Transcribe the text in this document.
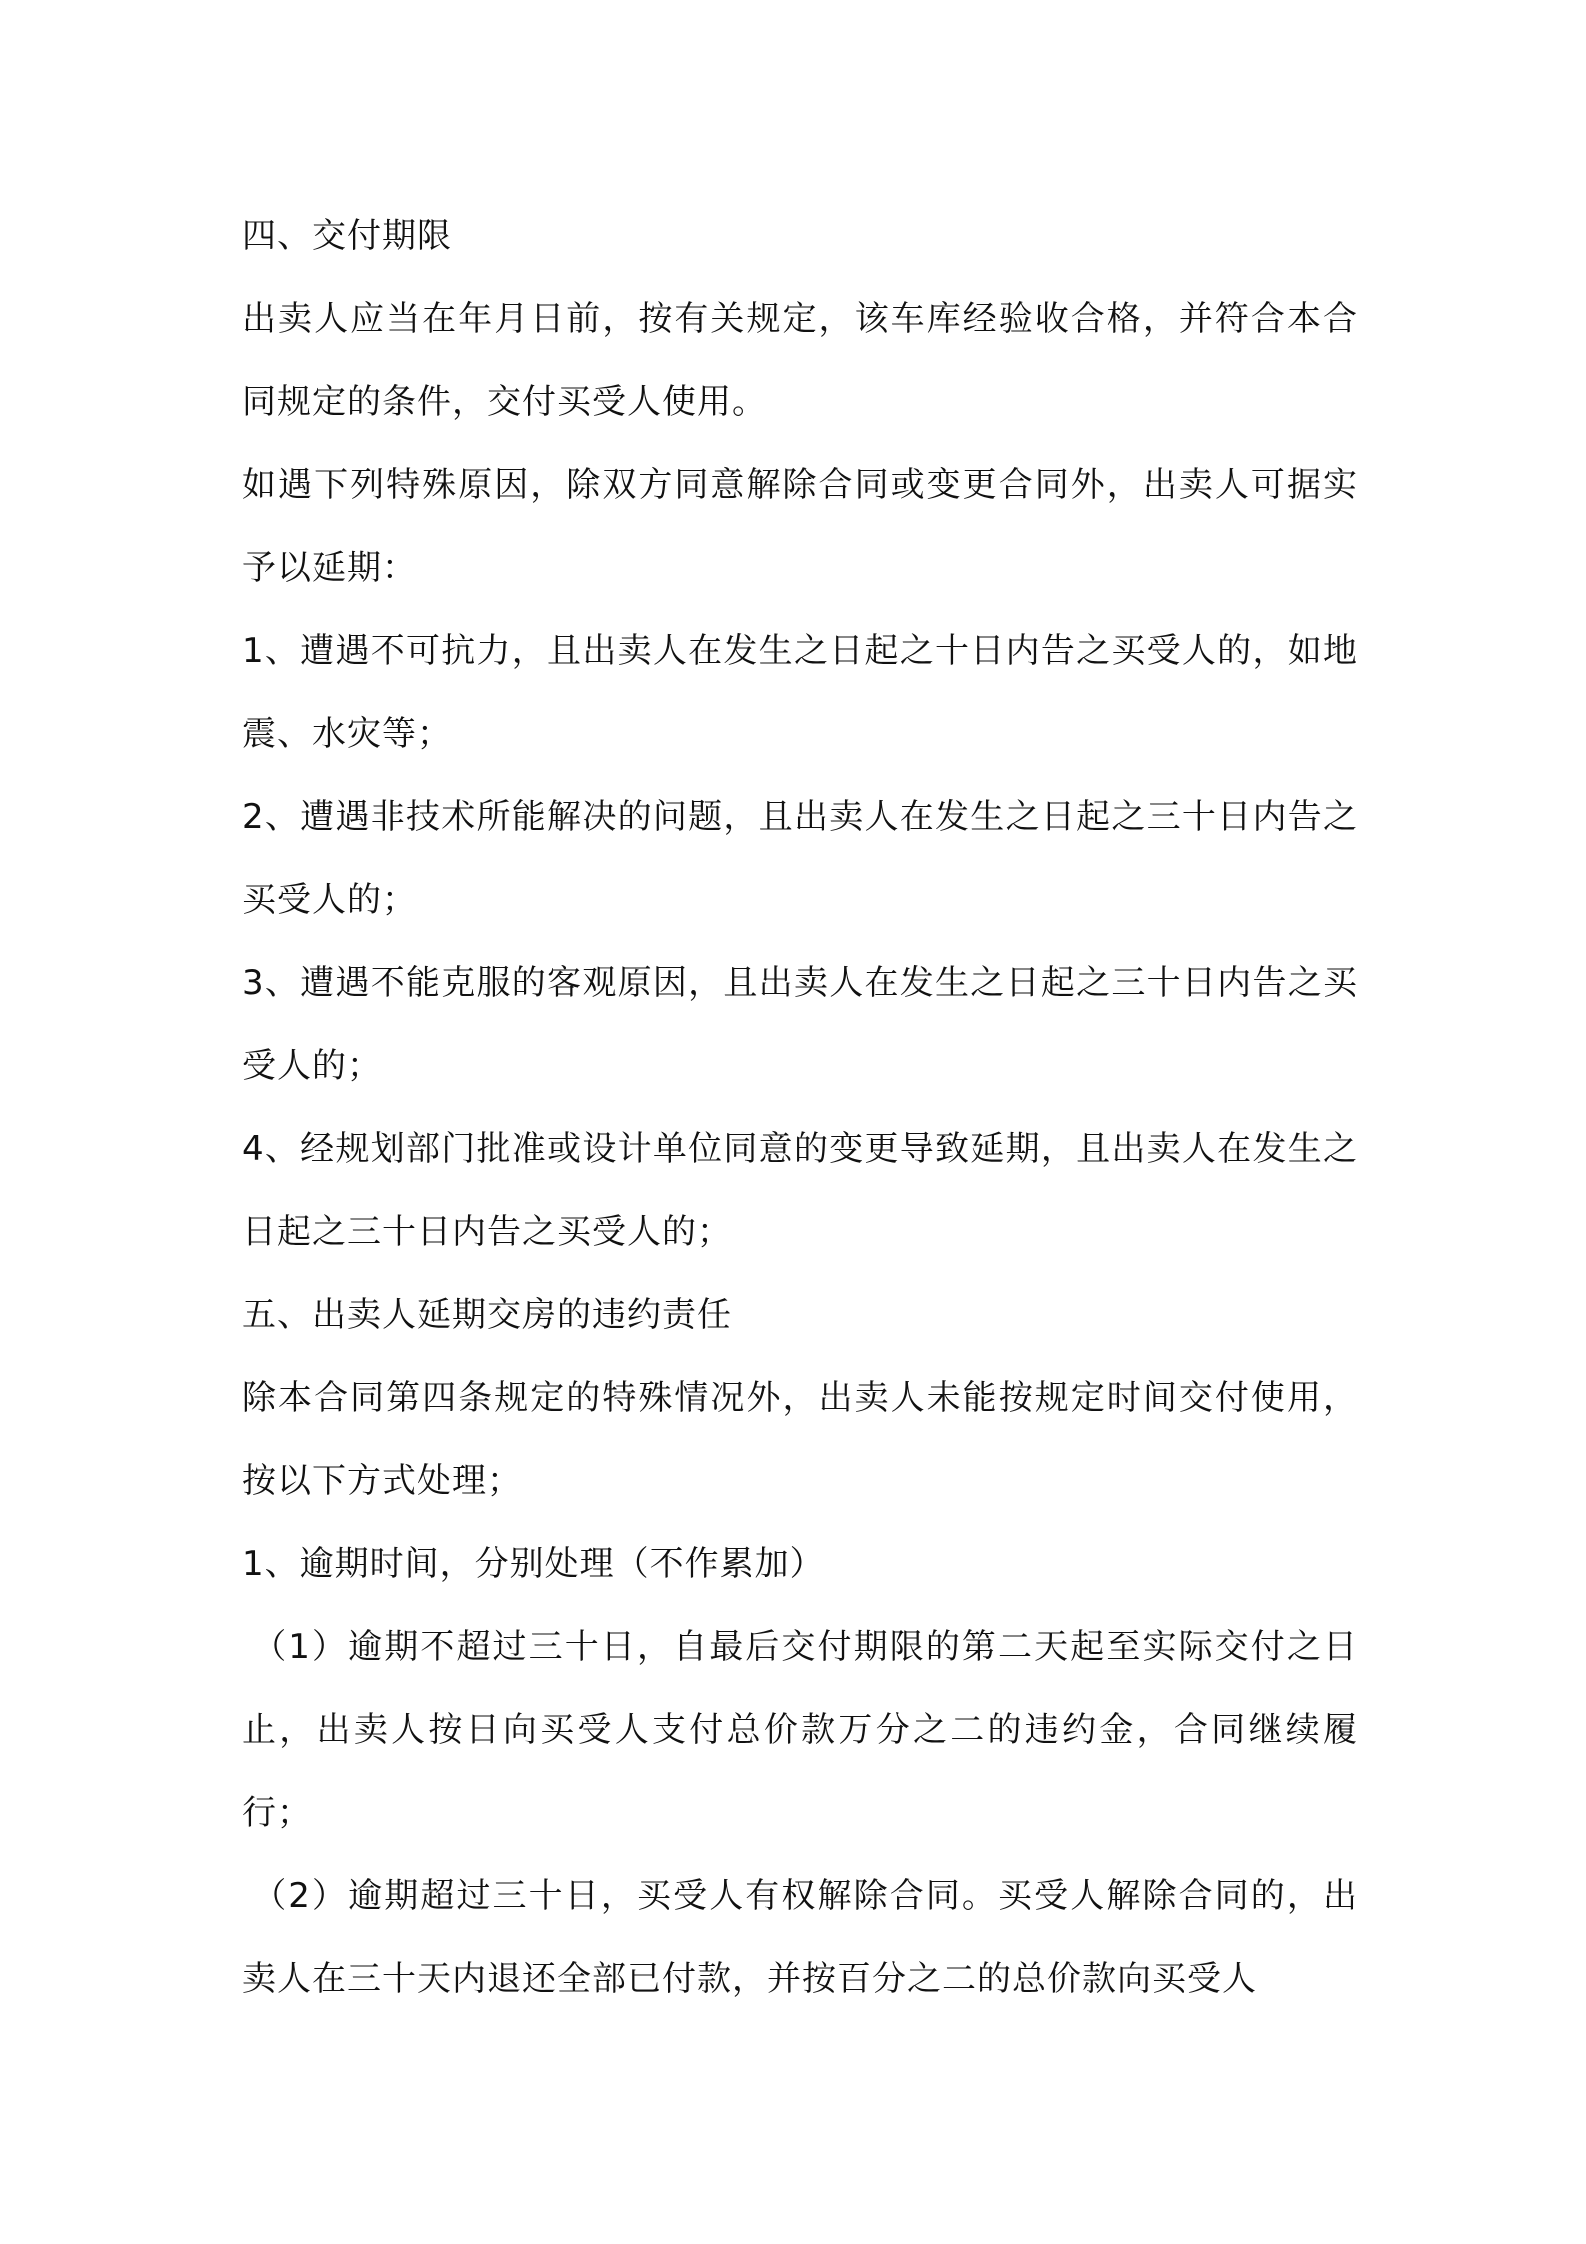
四、交付期限

出卖人应当在年月日前，按有关规定，该车库经验收合格，并符合本合同规定的条件，交付买受人使用。

如遇下列特殊原因，除双方同意解除合同或变更合同外，出卖人可据实予以延期：

1、遭遇不可抗力，且出卖人在发生之日起之十日内告之买受人的，如地震、水灾等；

2、遭遇非技术所能解决的问题，且出卖人在发生之日起之三十日内告之买受人的；

3、遭遇不能克服的客观原因，且出卖人在发生之日起之三十日内告之买受人的；

4、经规划部门批准或设计单位同意的变更导致延期，且出卖人在发生之日起之三十日内告之买受人的；

五、出卖人延期交房的违约责任

除本合同第四条规定的特殊情况外，出卖人未能按规定时间交付使用，按以下方式处理；

1、逾期时间，分别处理（不作累加）

（1）逾期不超过三十日，自最后交付期限的第二天起至实际交付之日止，出卖人按日向买受人支付总价款万分之二的违约金，合同继续履行；

（2）逾期超过三十日，买受人有权解除合同。买受人解除合同的，出卖人在三十天内退还全部已付款，并按百分之二的总价款向买受人
